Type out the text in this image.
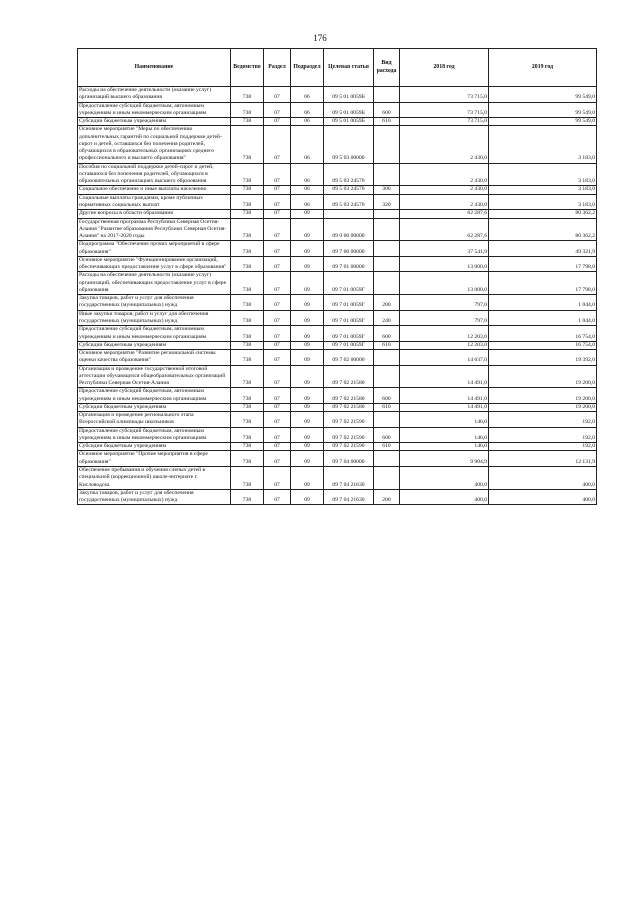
176
Наименование	Ведомство	Раздел	Подраздел	Целевая статья	Вид расхода	2018 год	2019 год
Расходы на обеспечение деятельности (оказание услуг) организаций высшего образования	738	07	06	09 5 01 0059Б		73 715,0	99 549,0
Предоставление субсидий бюджетным, автономным учреждениям и иным некоммерческим организациям	738	07	06	09 5 01 0059Б	600	73 715,0	99 549,0
Субсидии бюджетным учреждениям	738	07	06	09 5 01 0059Б	610	73 715,0	99 549,0
Основное мероприятие "Меры по обеспечению дополнительных гарантий по социальной поддержке детей-сирот и детей, оставшихся без попечения родителей, обучающихся в образовательных организациях среднего профессионального и высшего образования"	738	07	06	09 5 03 00000		2 430,0	3 183,0
Пособия по социальной поддержке детей-сирот и детей, оставшихся без попечения родителей, обучающихся в образовательных организациях высшего образования	738	07	06	09 5 03 24570		2 430,0	3 183,0
Социальное обеспечение и иные выплаты населению	738	07	06	09 5 03 24570	300	2 430,0	3 183,0
Социальные выплаты гражданам, кроме публичных нормативных социальных выплат	738	07	06	09 5 03 24570	320	2 430,0	3 183,0
Другие вопросы в области образования	738	07	09			62 287,6	80 362,2
Государственная программа Республики Северная Осетия-Алания "Развитие образования Республики Северная Осетия-Алания" на 2017-2020 годы	738	07	09	09 0 00 00000		62 287,6	80 362,2
Подпрограмма "Обеспечение прочих мероприятий в сфере образования"	738	07	09	09 7 00 00000		37 541,9	49 321,9
Основное мероприятие "Функционирование организаций, обеспечивающих предоставление услуг в сфере образования"	738	07	09	09 7 01 00000		13 000,0	17 798,0
Расходы на обеспечение деятельности (оказание услуг) организаций, обеспечивающих предоставление услуг в сфере образования	738	07	09	09 7 01 0059Г		13 000,0	17 798,0
Закупка товаров, работ и услуг для обеспечения государственных (муниципальных) нужд	738	07	09	09 7 01 0059Г	200	797,0	1 044,0
Иные закупки товаров, работ и услуг для обеспечения государственных (муниципальных) нужд	738	07	09	09 7 01 0059Г	240	797,0	1 044,0
Предоставление субсидий бюджетным, автономным учреждениям и иным некоммерческим организациям	738	07	09	09 7 01 0059Г	600	12 203,0	16 754,0
Субсидии бюджетным учреждениям	738	07	09	09 7 01 0059Г	610	12 203,0	16 754,0
Основное мероприятие "Развитие региональной системы оценки качества образования"	738	07	09	09 7 02 00000		14 637,0	19 392,0
Организация и проведение государственной итоговой аттестации обучающихся общеобразовательных организаций Республики Северная Осетия-Алания	738	07	09	09 7 02 21580		14 491,0	19 200,0
Предоставление субсидий бюджетным, автономным учреждениям и иным некоммерческим организациям	738	07	09	09 7 02 21580	600	14 491,0	19 200,0
Субсидии бюджетным учреждениям	738	07	09	09 7 02 21580	610	14 491,0	19 200,0
Организация и проведение регионального этапа Всероссийской олимпиады школьников	738	07	09	09 7 02 21590		146,0	192,0
Предоставление субсидий бюджетным, автономным учреждениям и иным некоммерческим организациям	738	07	09	09 7 02 21590	600	146,0	192,0
Субсидии бюджетным учреждениям	738	07	09	09 7 02 21590	610	146,0	192,0
Основное мероприятие "Прочие мероприятия в сфере образования"	738	07	09	09 7 04 00000		9 904,9	12 131,9
Обеспечение пребывания и обучения слепых детей в специальной (коррекционной) школе-интернате г. Кисловодска	738	07	09	09 7 04 21630		400,0	400,0
Закупка товаров, работ и услуг для обеспечения государственных (муниципальных) нужд	738	07	09	09 7 04 21630	200	400,0	400,0
